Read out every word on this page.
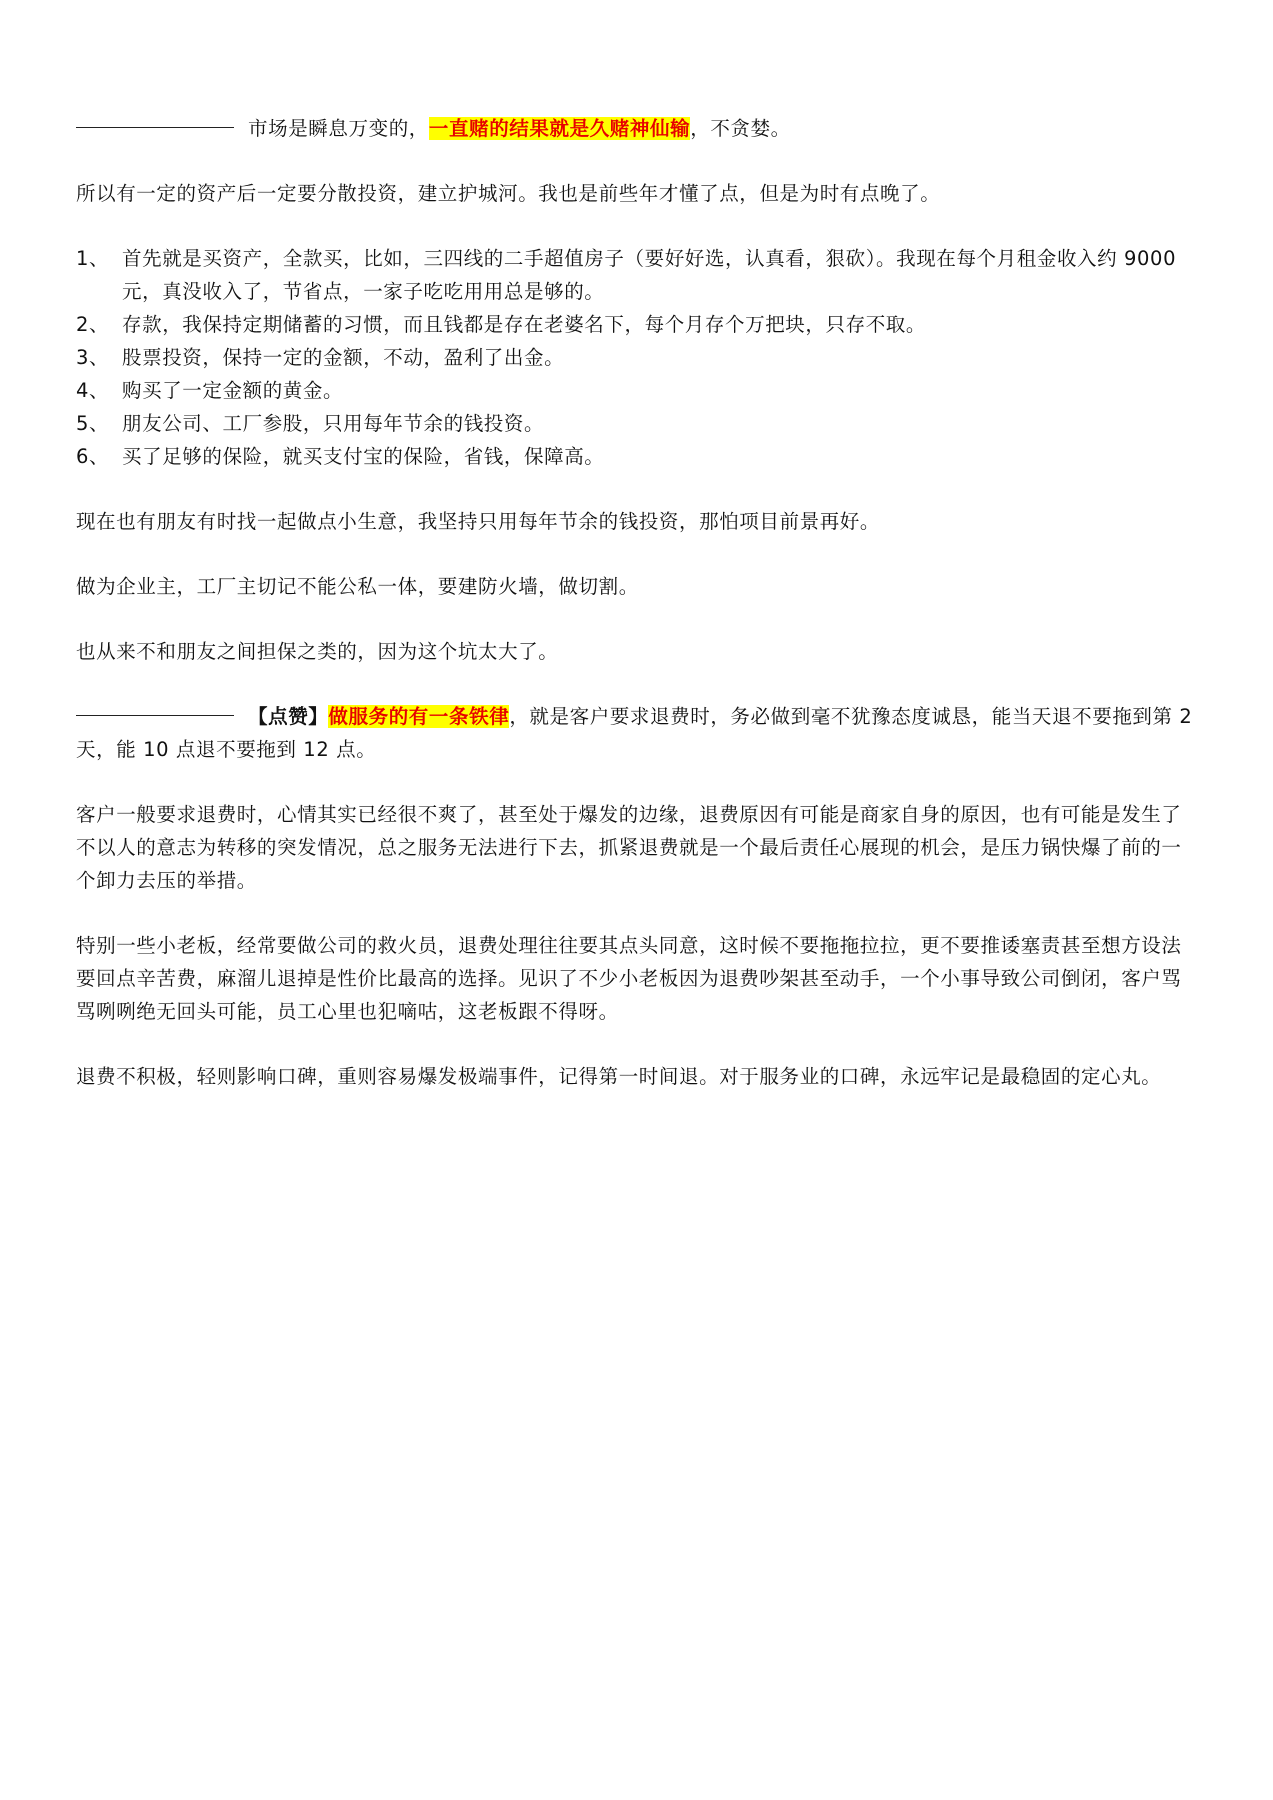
市场是瞬息万变的，一直赌的结果就是久赌神仙输，不贪婪。

所以有一定的资产后一定要分散投资，建立护城河。我也是前些年才懂了点，但是为时有点晚了。

1、 首先就是买资产，全款买，比如，三四线的二手超值房子（要好好选，认真看，狠砍）。我现在每个月租金收入约 9000 元，真没收入了，节省点，一家子吃吃用用总是够的。
2、 存款，我保持定期储蓄的习惯，而且钱都是存在老婆名下，每个月存个万把块，只存不取。
3、 股票投资，保持一定的金额，不动，盈利了出金。
4、 购买了一定金额的黄金。
5、 朋友公司、工厂参股，只用每年节余的钱投资。
6、 买了足够的保险，就买支付宝的保险，省钱，保障高。

现在也有朋友有时找一起做点小生意，我坚持只用每年节余的钱投资，那怕项目前景再好。

做为企业主，工厂主切记不能公私一体，要建防火墙，做切割。

也从来不和朋友之间担保之类的，因为这个坑太大了。

【点赞】做服务的有一条铁律，就是客户要求退费时，务必做到毫不犹豫态度诚恳，能当天退不要拖到第 2 天，能 10 点退不要拖到 12 点。

客户一般要求退费时，心情其实已经很不爽了，甚至处于爆发的边缘，退费原因有可能是商家自身的原因，也有可能是发生了不以人的意志为转移的突发情况，总之服务无法进行下去，抓紧退费就是一个最后责任心展现的机会，是压力锅快爆了前的一个卸力去压的举措。

特别一些小老板，经常要做公司的救火员，退费处理往往要其点头同意，这时候不要拖拖拉拉，更不要推诿塞责甚至想方设法要回点辛苦费，麻溜儿退掉是性价比最高的选择。见识了不少小老板因为退费吵架甚至动手，一个小事导致公司倒闭，客户骂骂咧咧绝无回头可能，员工心里也犯嘀咕，这老板跟不得呀。

退费不积极，轻则影响口碑，重则容易爆发极端事件，记得第一时间退。对于服务业的口碑，永远牢记是最稳固的定心丸。
